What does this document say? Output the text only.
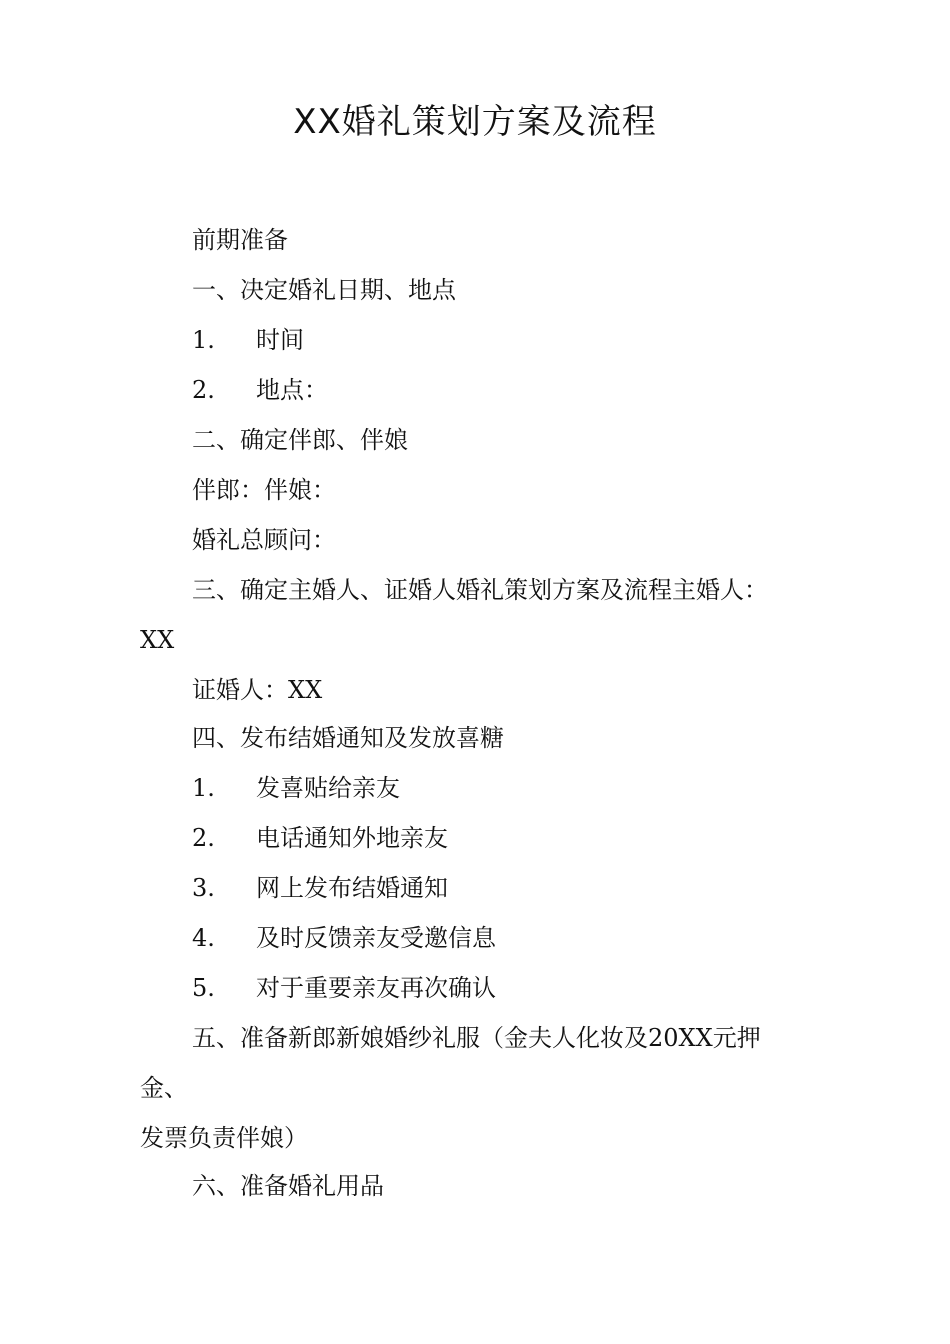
XX婚礼策划方案及流程
前期准备
一、决定婚礼日期、地点
1. 时间
2. 地点：
二、确定伴郎、伴娘
伴郎：伴娘：
婚礼总顾问：
三、确定主婚人、证婚人婚礼策划方案及流程主婚人：
XX
证婚人：XX
四、发布结婚通知及发放喜糖
1. 发喜贴给亲友
2. 电话通知外地亲友
3. 网上发布结婚通知
4. 及时反馈亲友受邀信息
5. 对于重要亲友再次确认
五、准备新郎新娘婚纱礼服（金夫人化妆及20XX元押
金、
发票负责伴娘）
六、准备婚礼用品
